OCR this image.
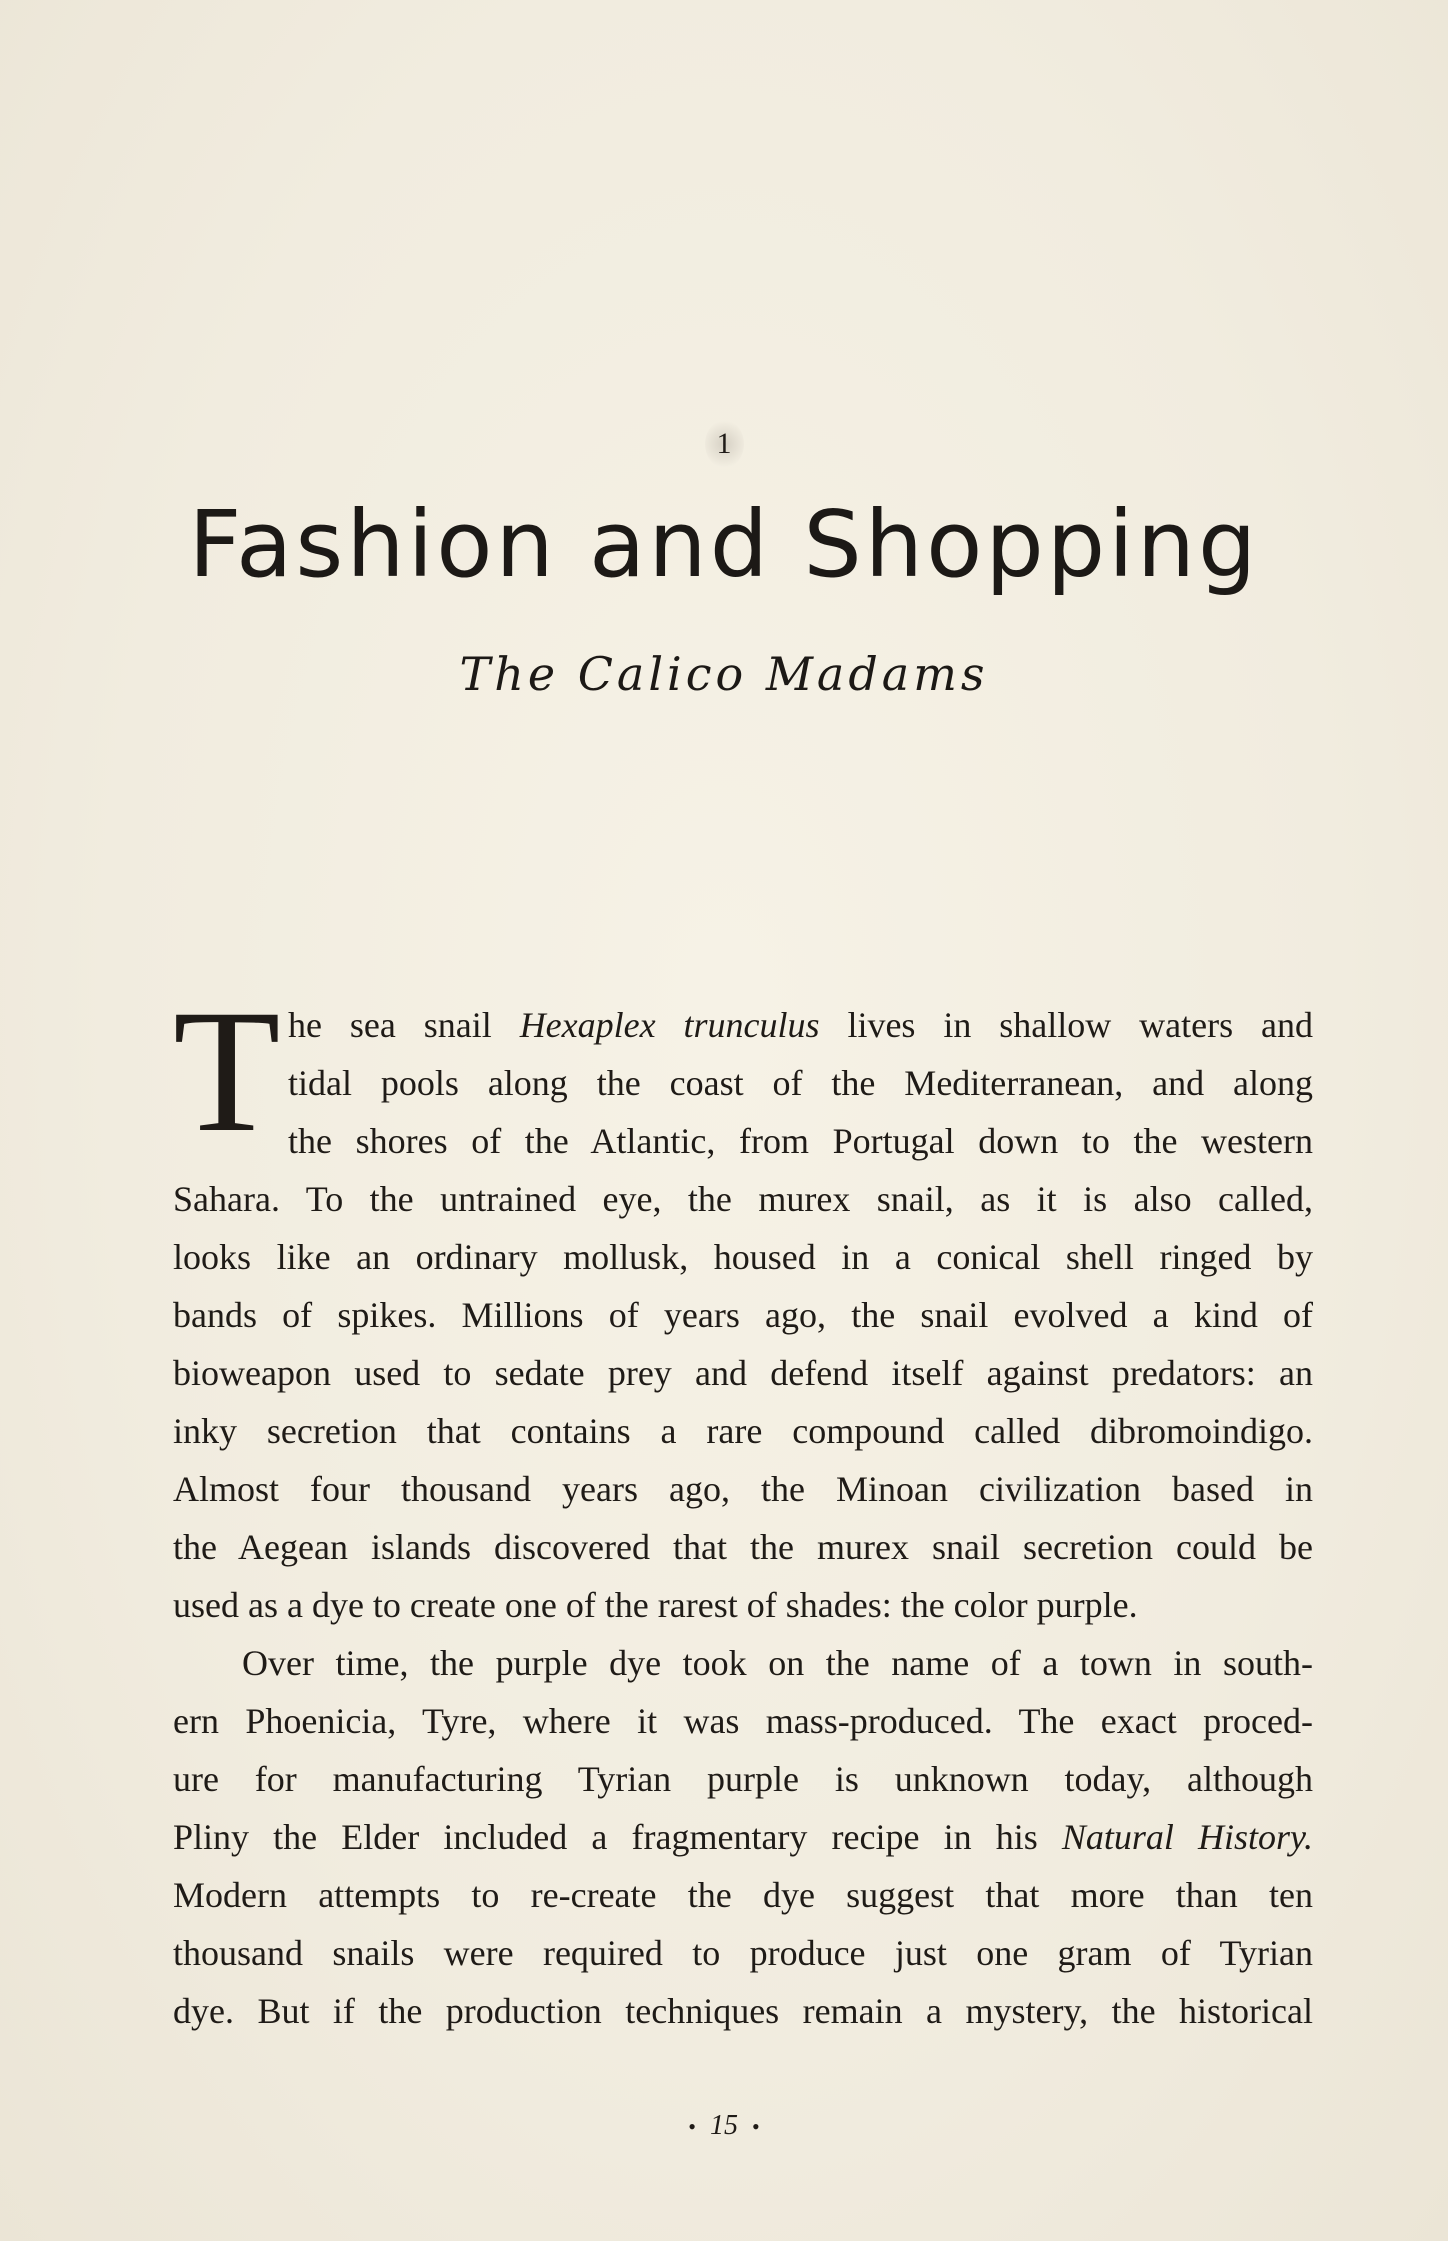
1
Fashion and Shopping
The Calico Madams
T he sea snail Hexaplex trunculus lives in shallow waters and
tidal pools along the coast of the Mediterranean, and along
the shores of the Atlantic, from Portugal down to the western
Sahara. To the untrained eye, the murex snail, as it is also called,
looks like an ordinary mollusk, housed in a conical shell ringed by
bands of spikes. Millions of years ago, the snail evolved a kind of
bioweapon used to sedate prey and defend itself against predators: an
inky secretion that contains a rare compound called dibromoindigo.
Almost four thousand years ago, the Minoan civilization based in
the Aegean islands discovered that the murex snail secretion could be
used as a dye to create one of the rarest of shades: the color purple.
Over time, the purple dye took on the name of a town in south-
ern Phoenicia, Tyre, where it was mass-produced. The exact proced-
ure for manufacturing Tyrian purple is unknown today, although
Pliny the Elder included a fragmentary recipe in his Natural History.
Modern attempts to re-create the dye suggest that more than ten
thousand snails were required to produce just one gram of Tyrian
dye. But if the production techniques remain a mystery, the historical
• 15 •
